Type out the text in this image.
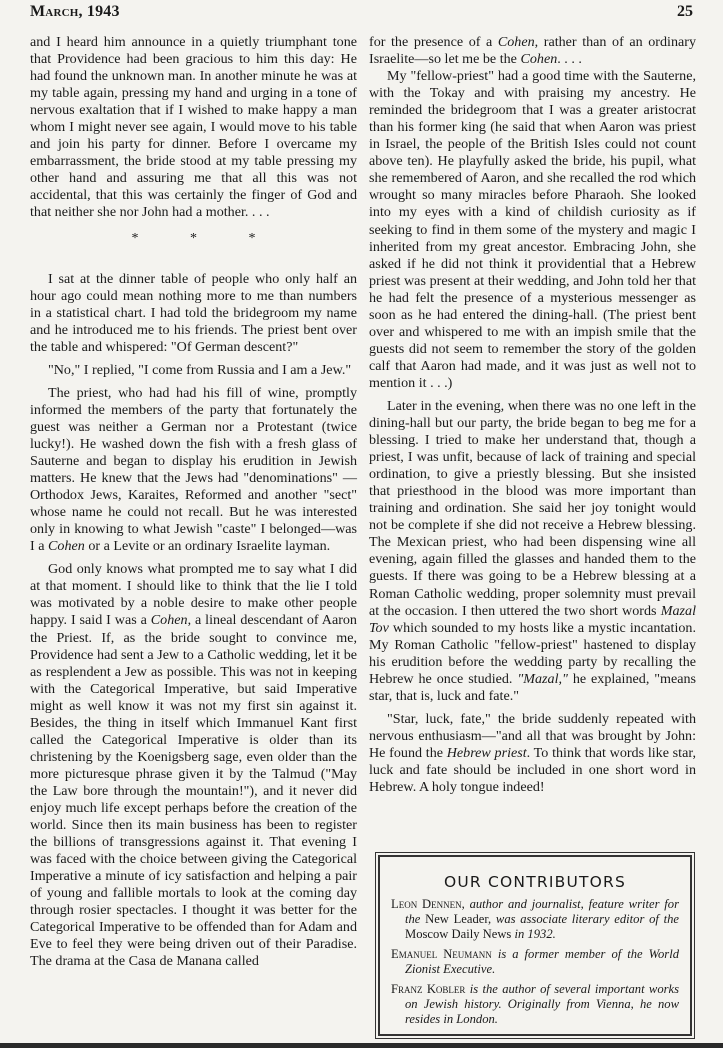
March, 1943	25

and I heard him announce in a quietly triumphant tone that Providence had been gracious to him this day: He had found the unknown man. In another minute he was at my table again, pressing my hand and urging in a tone of nervous exaltation that if I wished to make happy a man whom I might never see again, I would move to his table and join his party for dinner. Before I overcame my embarrassment, the bride stood at my table pressing my other hand and assuring me that all this was not accidental, that this was certainly the finger of God and that neither she nor John had a mother. . . .

* * *

I sat at the dinner table of people who only half an hour ago could mean nothing more to me than numbers in a statistical chart. I had told the bridegroom my name and he introduced me to his friends. The priest bent over the table and whispered: "Of German descent?"

"No," I replied, "I come from Russia and I am a Jew."

The priest, who had had his fill of wine, promptly informed the members of the party that fortunately the guest was neither a German nor a Protestant (twice lucky!). He washed down the fish with a fresh glass of Sauterne and began to display his erudition in Jewish matters. He knew that the Jews had "denominations" — Orthodox Jews, Karaites, Reformed and another "sect" whose name he could not recall. But he was interested only in knowing to what Jewish "caste" I belonged—was I a Cohen or a Levite or an ordinary Israelite layman.

God only knows what prompted me to say what I did at that moment. I should like to think that the lie I told was motivated by a noble desire to make other people happy. I said I was a Cohen, a lineal descendant of Aaron the Priest. If, as the bride sought to convince me, Providence had sent a Jew to a Catholic wedding, let it be as resplendent a Jew as possible. This was not in keeping with the Categorical Imperative, but said Imperative might as well know it was not my first sin against it. Besides, the thing in itself which Immanuel Kant first called the Categorical Imperative is older than its christening by the Koenigsberg sage, even older than the more picturesque phrase given it by the Talmud ("May the Law bore through the mountain!"), and it never did enjoy much life except perhaps before the creation of the world. Since then its main business has been to register the billions of transgressions against it. That evening I was faced with the choice between giving the Categorical Imperative a minute of icy satisfaction and helping a pair of young and fallible mortals to look at the coming day through rosier spectacles. I thought it was better for the Categorical Imperative to be offended than for Adam and Eve to feel they were being driven out of their Paradise. The drama at the Casa de Manana called

for the presence of a Cohen, rather than of an ordinary Israelite—so let me be the Cohen. . . .

My "fellow-priest" had a good time with the Sauterne, with the Tokay and with praising my ancestry. He reminded the bridegroom that I was a greater aristocrat than his former king (he said that when Aaron was priest in Israel, the people of the British Isles could not count above ten). He playfully asked the bride, his pupil, what she remembered of Aaron, and she recalled the rod which wrought so many miracles before Pharaoh. She looked into my eyes with a kind of childish curiosity as if seeking to find in them some of the mystery and magic I inherited from my great ancestor. Embracing John, she asked if he did not think it providential that a Hebrew priest was present at their wedding, and John told her that he had felt the presence of a mysterious messenger as soon as he had entered the dining-hall. (The priest bent over and whispered to me with an impish smile that the guests did not seem to remember the story of the golden calf that Aaron had made, and it was just as well not to mention it . . .)

Later in the evening, when there was no one left in the dining-hall but our party, the bride began to beg me for a blessing. I tried to make her understand that, though a priest, I was unfit, because of lack of training and special ordination, to give a priestly blessing. But she insisted that priesthood in the blood was more important than training and ordination. She said her joy tonight would not be complete if she did not receive a Hebrew blessing. The Mexican priest, who had been dispensing wine all evening, again filled the glasses and handed them to the guests. If there was going to be a Hebrew blessing at a Roman Catholic wedding, proper solemnity must prevail at the occasion. I then uttered the two short words Mazal Tov which sounded to my hosts like a mystic incantation. My Roman Catholic "fellow-priest" hastened to display his erudition before the wedding party by recalling the Hebrew he once studied. "Mazal," he explained, "means star, that is, luck and fate."

"Star, luck, fate," the bride suddenly repeated with nervous enthusiasm—"and all that was brought by John: He found the Hebrew priest. To think that words like star, luck and fate should be included in one short word in Hebrew. A holy tongue indeed!

OUR CONTRIBUTORS

Leon Dennen, author and journalist, feature writer for the New Leader, was associate literary editor of the Moscow Daily News in 1932.

Emanuel Neumann is a former member of the World Zionist Executive.

Franz Kobler is the author of several important works on Jewish history. Originally from Vienna, he now resides in London.
